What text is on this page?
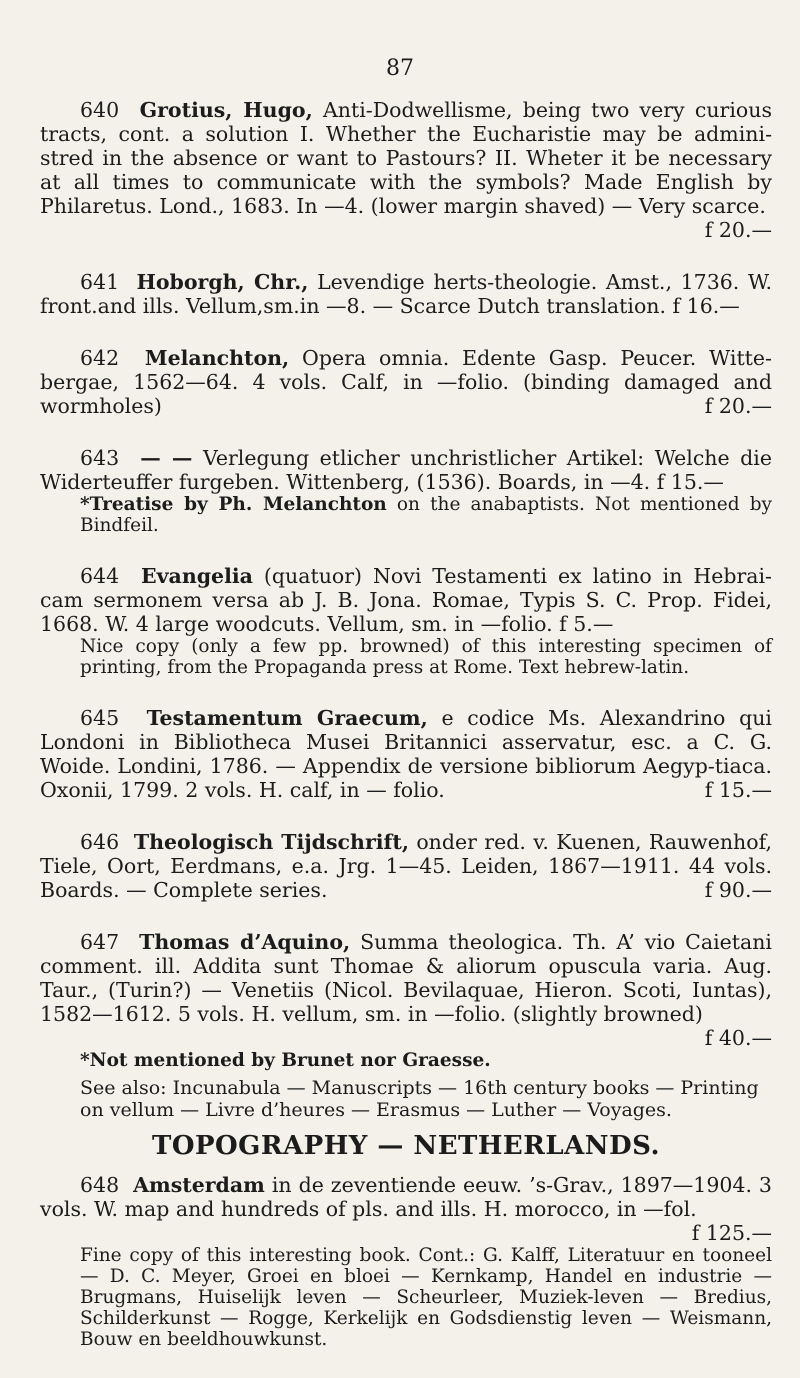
87

640 Grotius, Hugo, Anti-Dodwellisme, being two very curious tracts, cont. a solution I. Whether the Eucharistie may be admini-stred in the absence or want to Pastours? II. Wheter it be necessary at all times to communicate with the symbols? Made English by Philaretus. Lond., 1683. In —4. (lower margin shaved) — Very scarce.
f 20.—

641 Hoborgh, Chr., Levendige herts-theologie. Amst., 1736. W. front.and ills. Vellum,sm.in —8. — Scarce Dutch translation. f 16.—

642 Melanchton, Opera omnia. Edente Gasp. Peucer. Witte-bergae, 1562—64. 4 vols. Calf, in —folio. (binding damaged and wormholes)	f 20.—

643 — — Verlegung etlicher unchristlicher Artikel: Welche die Widerteuffer furgeben. Wittenberg, (1536). Boards, in —4. f 15.—

*Treatise by Ph. Melanchton on the anabaptists. Not mentioned by Bindfeil.

644 Evangelia (quatuor) Novi Testamenti ex latino in Hebrai-cam sermonem versa ab J. B. Jona. Romae, Typis S. C. Prop. Fidei, 1668. W. 4 large woodcuts. Vellum, sm. in —folio. f 5.—

Nice copy (only a few pp. browned) of this interesting specimen of printing, from the Propaganda press at Rome. Text hebrew-latin.

645 Testamentum Graecum, e codice Ms. Alexandrino qui Londoni in Bibliotheca Musei Britannici asservatur, esc. a C. G. Woide. Londini, 1786. — Appendix de versione bibliorum Aegyp-tiaca. Oxonii, 1799. 2 vols. H. calf, in — folio.	f 15.—

646 Theologisch Tijdschrift, onder red. v. Kuenen, Rauwenhof, Tiele, Oort, Eerdmans, e.a. Jrg. 1—45. Leiden, 1867—1911. 44 vols. Boards. — Complete series.	f 90.—

647 Thomas d’Aquino, Summa theologica. Th. A’ vio Caietani comment. ill. Addita sunt Thomae & aliorum opuscula varia. Aug. Taur., (Turin?) — Venetiis (Nicol. Bevilaquae, Hieron. Scoti, Iuntas), 1582—1612. 5 vols. H. vellum, sm. in —folio. (slightly browned)
f 40.—

*Not mentioned by Brunet nor Graesse.
See also: Incunabula — Manuscripts — 16th century books — Printing on vellum — Livre d’heures — Erasmus — Luther — Voyages.
TOPOGRAPHY — NETHERLANDS.

648 Amsterdam in de zeventiende eeuw. ’s-Grav., 1897—1904. 3 vols. W. map and hundreds of pls. and ills. H. morocco, in —fol.
f 125.—

Fine copy of this interesting book. Cont.: G. Kalff, Literatuur en tooneel — D. C. Meyer, Groei en bloei — Kernkamp, Handel en industrie — Brugmans, Huiselijk leven — Scheurleer, Muziek-leven — Bredius, Schilderkunst — Rogge, Kerkelijk en Godsdienstig leven — Weismann, Bouw en beeldhouwkunst.
